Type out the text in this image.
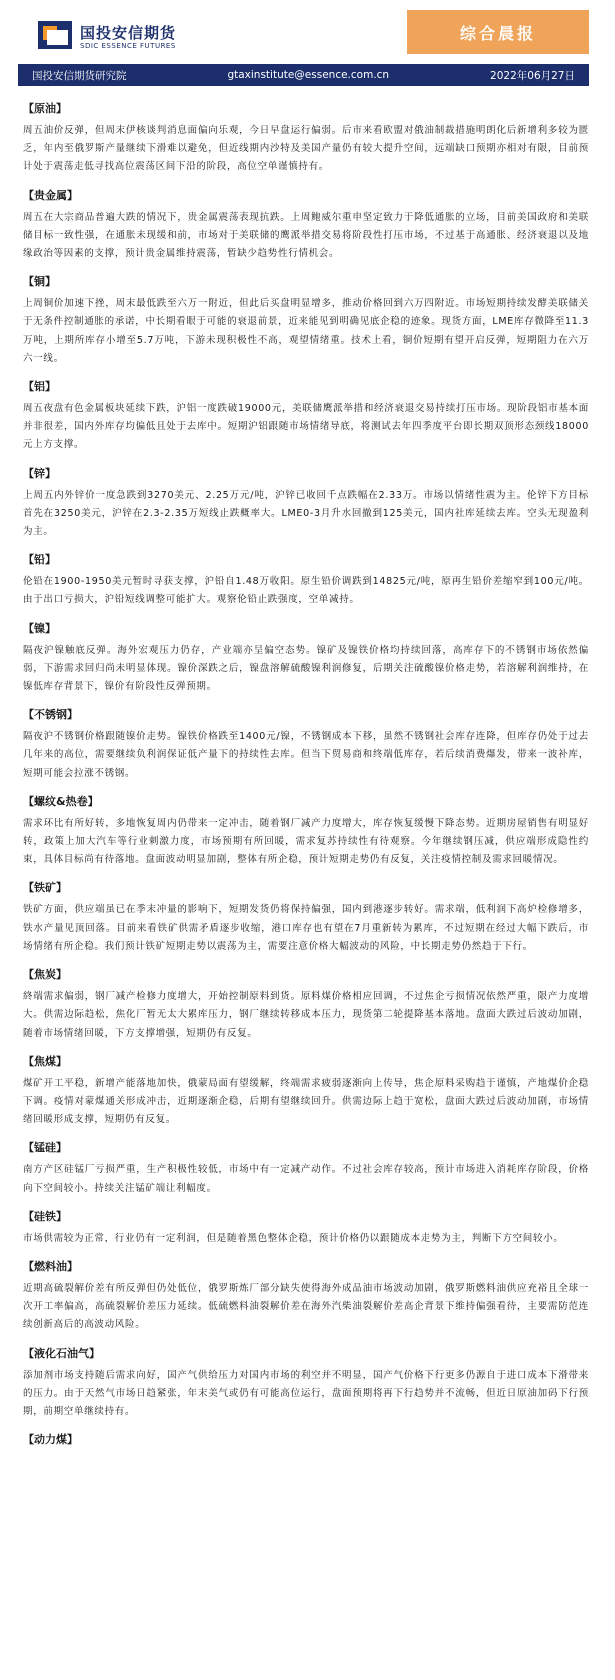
国投安信期货
SDIC ESSENCE FUTURES
综合晨报
国投安信期货研究院	gtaxinstitute@essence.com.cn	2022年06月27日
【原油】

周五油价反弹，但周末伊核谈判消息面偏向乐观，今日早盘运行偏弱。后市来看欧盟对俄油制裁措施明朗化后新增利多较为匮乏，年内至俄罗斯产量继续下滑难以避免，但近线期内沙特及美国产量仍有较大提升空间，远端缺口预期亦相对有限，目前预计处于震荡走低寻找高位震荡区间下沿的阶段，高位空单谨慎持有。

【贵金属】

周五在大宗商品普遍大跌的情况下，贵金属震荡表现抗跌。上周鲍威尔重申坚定致力于降低通胀的立场，目前美国政府和美联储目标一致性强，在通胀未现缓和前，市场对于美联储的鹰派举措交易将阶段性打压市场，不过基于高通胀、经济衰退以及地缘政治等因素的支撑，预计贵金属维持震荡，暂缺少趋势性行情机会。

【铜】

上周铜价加速下挫，周末最低跌至六万一附近，但此后买盘明显增多，推动价格回到六万四附近。市场短期持续发酵美联储关于无条件控制通胀的承诺，中长期看眼于可能的衰退前景，近来能见到明确见底企稳的迹象。现货方面，LME库存微降至11.3万吨，上期所库存小增至5.7万吨，下游未现积极性不高，观望情绪重。技术上看，铜价短期有望开启反弹，短期阻力在六万六一线。

【铝】

周五夜盘有色金属板块延续下跌，沪铝一度跌破19000元，美联储鹰派举措和经济衰退交易持续打压市场。现阶段铝市基本面并非很差，国内外库存均偏低且处于去库中。短期沪铝跟随市场情绪导底，将测试去年四季度平台即长期双顶形态颈线18000元上方支撑。

【锌】

上周五内外锌价一度急跌到3270美元、2.25万元/吨，沪锌已收回千点跌幅在2.33万。市场以情绪性震为主。伦锌下方目标首先在3250美元，沪锌在2.3-2.35万短线止跌概率大。LME0-3月升水回撤到125美元，国内社库延续去库。空头无现盈利为主。

【铅】

伦铅在1900-1950美元暂时寻获支撑，沪铅自1.48万收阳。原生铅价调跌到14825元/吨，原再生铅价差缩窄到100元/吨。由于出口亏损大，沪铅短线调整可能扩大。观察伦铅止跌强度，空单减持。

【镍】

隔夜沪镍触底反弹。海外宏观压力仍存，产业端亦呈偏空态势。镍矿及镍铁价格均持续回落，高库存下的不锈钢市场依然偏弱，下游需求回归尚未明显体现。镍价深跌之后，镍盘溶解硫酸镍利润修复，后期关注硫酸镍价格走势，若溶解利润维持，在镍低库存背景下，镍价有阶段性反弹预期。

【不锈钢】

隔夜沪不锈钢价格跟随镍价走势。镍铁价格跌至1400元/镍，不锈钢成本下移，虽然不锈钢社会库存连降，但库存仍处于过去几年来的高位，需要继续负利润保证低产量下的持续性去库。但当下贸易商和终端低库存，若后续消费爆发，带来一波补库，短期可能会拉涨不锈钢。

【螺纹&热卷】

需求环比有所好转，多地恢复周内仍带来一定冲击，随着钢厂减产力度增大，库存恢复缓慢下降态势。近期房屋销售有明显好转，政策上加大汽车等行业刺激力度，市场预期有所回暖，需求复苏持续性有待观察。今年继续钢压减，供应端形成隐性约束，具体目标尚有待落地。盘面波动明显加剧，整体有所企稳，预计短期走势仍有反复，关注疫情控制及需求回暖情况。

【铁矿】

铁矿方面，供应端虽已在季末冲量的影响下，短期发货仍将保持偏强，国内到港逐步转好。需求端，低利润下高炉检修增多，铁水产量见顶回落。目前来看铁矿供需矛盾逐步收缩，港口库存也有望在7月重新转为累库，不过短期在经过大幅下跌后，市场情绪有所企稳。我们预计铁矿短期走势以震荡为主，需要注意价格大幅波动的风险，中长期走势仍然趋于下行。

【焦炭】

終端需求偏弱，钢厂减产检修力度增大，开始控制原料到货。原料煤价格相应回调，不过焦企亏损情况依然严重，限产力度增大。供需边际趋松，焦化厂暂无太大累库压力，钢厂继续转移成本压力，现货第二轮提降基本落地。盘面大跌过后波动加剧，随着市场情绪回暖，下方支撑增强，短期仍有反复。

【焦煤】

煤矿开工平稳，新增产能落地加快，俄蒙局面有望缓解，终端需求疲弱逐渐向上传导，焦企原料采购趋于谨慎，产地煤价企稳下调。疫情对蒙煤通关形成冲击，近期逐渐企稳，后期有望继续回升。供需边际上趋于宽松，盘面大跌过后波动加剧，市场情绪回暖形成支撑，短期仍有反复。

【锰硅】

南方产区硅锰厂亏损严重，生产积极性较低，市场中有一定减产动作。不过社会库存较高，预计市场进入消耗库存阶段，价格向下空间较小。持续关注锰矿端让利幅度。

【硅铁】

市场供需较为正常，行业仍有一定利润，但是随着黑色整体企稳，预计价格仍以跟随成本走势为主，判断下方空间较小。

【燃料油】

近期高硫裂解价差有所反弹但仍处低位，俄罗斯炼厂部分缺失使得海外成品油市场波动加剧，俄罗斯燃料油供应充裕且全球一次开工率偏高，高硫裂解价差压力延续。低硫燃料油裂解价差在海外汽柴油裂解价差高企背景下维持偏强看待，主要需防范连续创新高后的高波动风险。

【液化石油气】

添加剂市场支持随后需求向好，国产气供给压力对国内市场的利空并不明显，国产气价格下行更多仍源自于进口成本下滑带来的压力。由于天然气市场日趋紧张，年末美气或仍有可能高位运行，盘面预期将再下行趋势并不流畅，但近日原油加码下行预期，前期空单继续持有。

【动力煤】
